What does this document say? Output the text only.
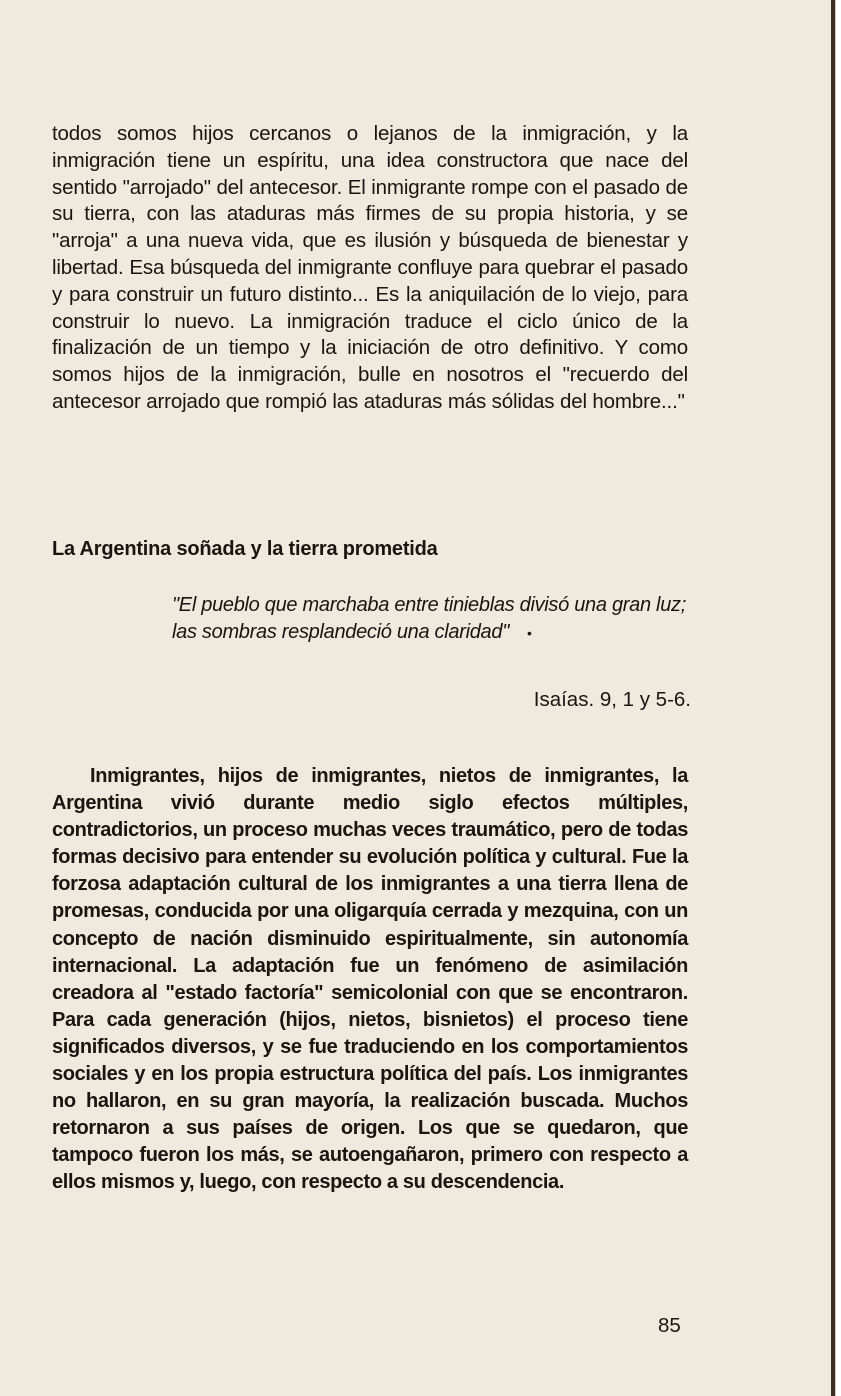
todos somos hijos cercanos o lejanos de la inmigración, y la inmigración tiene un espíritu, una idea constructora que nace del sentido "arrojado" del antecesor. El inmigrante rompe con el pasado de su tierra, con las ataduras más firmes de su propia historia, y se "arroja" a una nueva vida, que es ilusión y búsqueda de bienestar y libertad. Esa búsqueda del inmigrante confluye para quebrar el pasado y para construir un futuro distinto... Es la aniquilación de lo viejo, para construir lo nuevo. La inmigración traduce el ciclo único de la finalización de un tiempo y la iniciación de otro definitivo. Y como somos hijos de la inmigración, bulle en nosotros el "recuerdo del antecesor arrojado que rompió las ataduras más sólidas del hombre..."

La Argentina soñada y la tierra prometida

"El pueblo que marchaba entre tinieblas divisó una gran luz; las sombras resplandeció una claridad" •

Isaías. 9, 1 y 5-6.

Inmigrantes, hijos de inmigrantes, nietos de inmigrantes, la Argentina vivió durante medio siglo efectos múltiples, contradictorios, un proceso muchas veces traumático, pero de todas formas decisivo para entender su evolución política y cultural. Fue la forzosa adaptación cultural de los inmigrantes a una tierra llena de promesas, conducida por una oligarquía cerrada y mezquina, con un concepto de nación disminuido espiritualmente, sin autonomía internacional. La adaptación fue un fenómeno de asimilación creadora al "estado factoría" semicolonial con que se encontraron. Para cada generación (hijos, nietos, bisnietos) el proceso tiene significados diversos, y se fue traduciendo en los comportamientos sociales y en los propia estructura política del país. Los inmigrantes no hallaron, en su gran mayoría, la realización buscada. Muchos retornaron a sus países de origen. Los que se quedaron, que tampoco fueron los más, se autoengañaron, primero con respecto a ellos mismos y, luego, con respecto a su descendencia.

85
